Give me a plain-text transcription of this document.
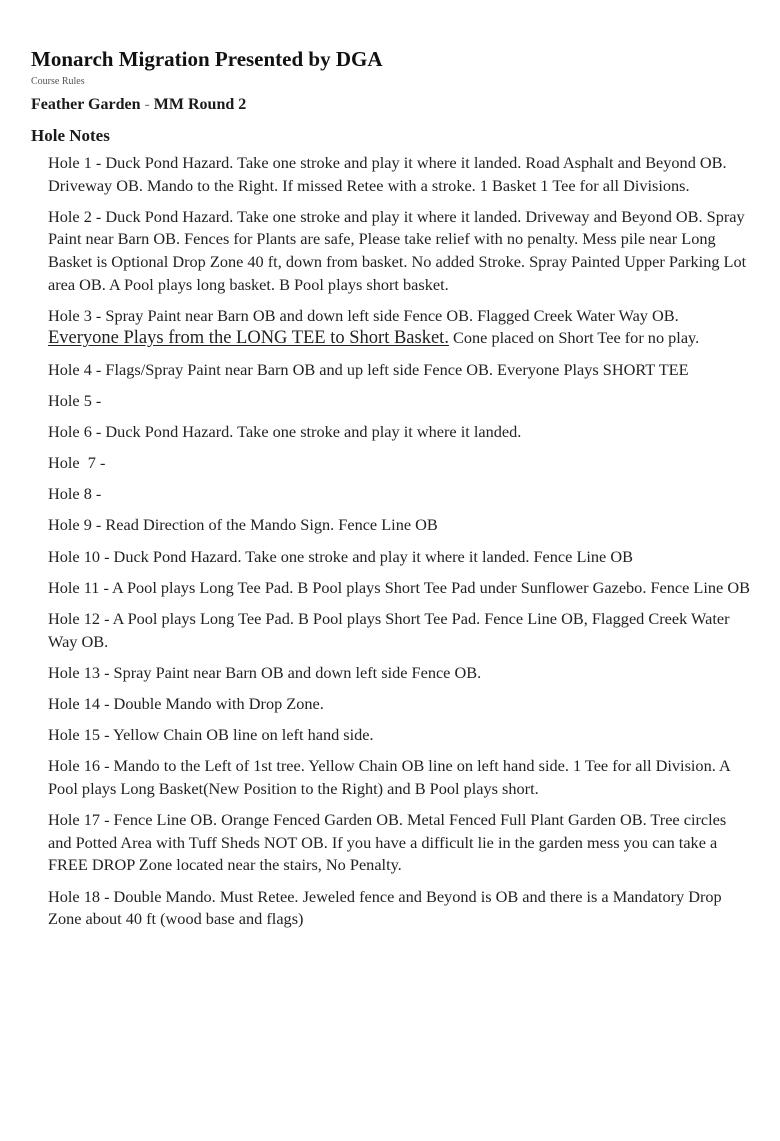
Monarch Migration Presented by DGA
Course Rules
Feather Garden - MM Round 2
Hole Notes
Hole 1 - Duck Pond Hazard. Take one stroke and play it where it landed. Road Asphalt and Beyond OB. Driveway OB. Mando to the Right. If missed Retee with a stroke. 1 Basket 1 Tee for all Divisions.
Hole 2 - Duck Pond Hazard. Take one stroke and play it where it landed. Driveway and Beyond OB. Spray Paint near Barn OB. Fences for Plants are safe, Please take relief with no penalty. Mess pile near Long Basket is Optional Drop Zone 40 ft, down from basket. No added Stroke. Spray Painted Upper Parking Lot area OB. A Pool plays long basket. B Pool plays short basket.
Hole 3 - Spray Paint near Barn OB and down left side Fence OB. Flagged Creek Water Way OB. Everyone Plays from the LONG TEE to Short Basket. Cone placed on Short Tee for no play.
Hole 4 - Flags/Spray Paint near Barn OB and up left side Fence OB. Everyone Plays SHORT TEE
Hole 5 -
Hole 6 - Duck Pond Hazard. Take one stroke and play it where it landed.
Hole  7 -
Hole 8 -
Hole 9 - Read Direction of the Mando Sign. Fence Line OB
Hole 10 - Duck Pond Hazard. Take one stroke and play it where it landed. Fence Line OB
Hole 11 - A Pool plays Long Tee Pad. B Pool plays Short Tee Pad under Sunflower Gazebo. Fence Line OB
Hole 12 - A Pool plays Long Tee Pad. B Pool plays Short Tee Pad. Fence Line OB, Flagged Creek Water Way OB.
Hole 13 - Spray Paint near Barn OB and down left side Fence OB.
Hole 14 - Double Mando with Drop Zone.
Hole 15 - Yellow Chain OB line on left hand side.
Hole 16 - Mando to the Left of 1st tree. Yellow Chain OB line on left hand side. 1 Tee for all Division. A Pool plays Long Basket(New Position to the Right) and B Pool plays short.
Hole 17 - Fence Line OB. Orange Fenced Garden OB. Metal Fenced Full Plant Garden OB. Tree circles and Potted Area with Tuff Sheds NOT OB. If you have a difficult lie in the garden mess you can take a FREE DROP Zone located near the stairs, No Penalty.
Hole 18 - Double Mando. Must Retee. Jeweled fence and Beyond is OB and there is a Mandatory Drop Zone about 40 ft (wood base and flags)
